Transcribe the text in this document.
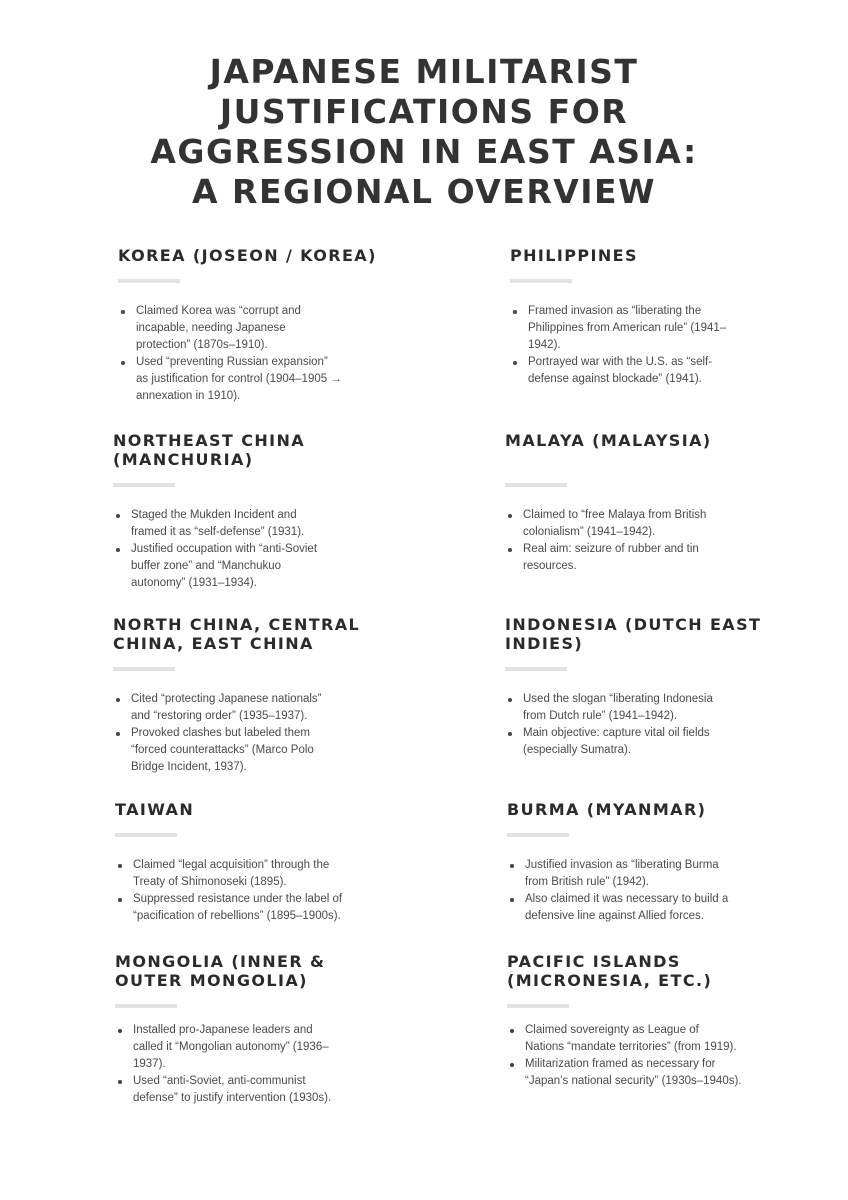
JAPANESE MILITARIST
JUSTIFICATIONS FOR
AGGRESSION IN EAST ASIA:
A REGIONAL OVERVIEW
KOREA (JOSEON / KOREA)
Claimed Korea was “corrupt and
incapable, needing Japanese
protection” (1870s–1910).
Used “preventing Russian expansion”
as justification for control (1904–1905 →
annexation in 1910).
PHILIPPINES
Framed invasion as “liberating the
Philippines from American rule” (1941–
1942).
Portrayed war with the U.S. as “self-
defense against blockade” (1941).
NORTHEAST CHINA
(MANCHURIA)
Staged the Mukden Incident and
framed it as “self-defense” (1931).
Justified occupation with “anti-Soviet
buffer zone” and “Manchukuo
autonomy” (1931–1934).
MALAYA (MALAYSIA)
Claimed to “free Malaya from British
colonialism” (1941–1942).
Real aim: seizure of rubber and tin
resources.
NORTH CHINA, CENTRAL
CHINA, EAST CHINA
Cited “protecting Japanese nationals”
and “restoring order” (1935–1937).
Provoked clashes but labeled them
“forced counterattacks” (Marco Polo
Bridge Incident, 1937).
INDONESIA (DUTCH EAST
INDIES)
Used the slogan “liberating Indonesia
from Dutch rule” (1941–1942).
Main objective: capture vital oil fields
(especially Sumatra).
TAIWAN
Claimed “legal acquisition” through the
Treaty of Shimonoseki (1895).
Suppressed resistance under the label of
“pacification of rebellions” (1895–1900s).
BURMA (MYANMAR)
Justified invasion as “liberating Burma
from British rule” (1942).
Also claimed it was necessary to build a
defensive line against Allied forces.
MONGOLIA (INNER &
OUTER MONGOLIA)
Installed pro-Japanese leaders and
called it “Mongolian autonomy” (1936–
1937).
Used “anti-Soviet, anti-communist
defense” to justify intervention (1930s).
PACIFIC ISLANDS
(MICRONESIA, ETC.)
Claimed sovereignty as League of
Nations “mandate territories” (from 1919).
Militarization framed as necessary for
“Japan’s national security” (1930s–1940s).
